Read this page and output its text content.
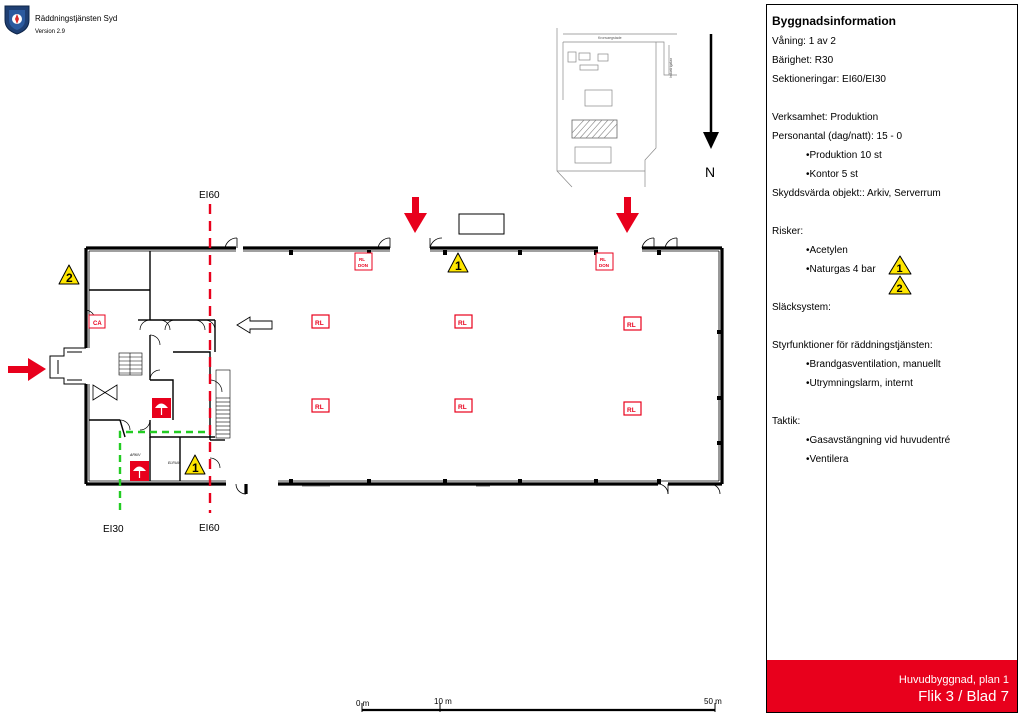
Räddningstjänsten Syd
Version 2.9
Kronvaegstade
Industrigatan
N
EI60
EI60
EI30
RL	RL	RL
RL	RL	RL
RL
DON
RL
DON
CA
ARKIV
ELRUM
1
1
2
0 m	10 m	50 m
Byggnadsinformation
Våning: 1 av 2
Bärighet: R30
Sektioneringar: EI60/EI30
Verksamhet: Produktion
Personantal (dag/natt): 15 - 0
•Produktion 10 st
•Kontor 5 st
Skyddsvärda objekt:: Arkiv, Serverrum
Risker:
•Acetylen
•Naturgas 4 bar 1
2
Släcksystem:
Styrfunktioner för räddningstjänsten:
•Brandgasventilation, manuellt
•Utrymningslarm, internt
Taktik:
•Gasavstängning vid huvudentré
•Ventilera
Huvudbyggnad, plan 1
Flik 3 / Blad 7
